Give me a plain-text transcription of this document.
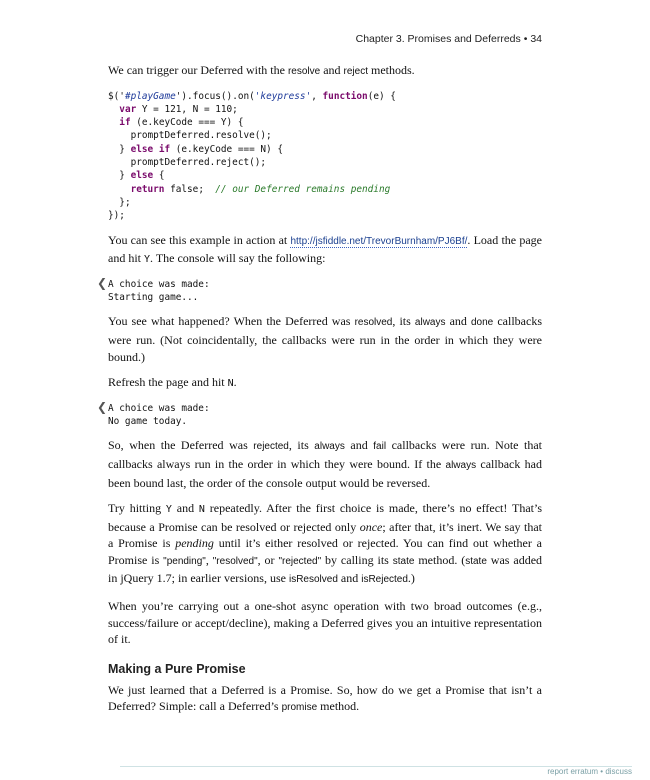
Chapter 3. Promises and Deferreds • 34

We can trigger our Deferred with the resolve and reject methods.

$('#playGame').focus().on('keypress', function(e) {
var Y = 121, N = 110;
if (e.keyCode === Y) {
promptDeferred.resolve();
} else if (e.keyCode === N) {
promptDeferred.reject();
} else {
return false;  // our Deferred remains pending
};
});

You can see this example in action at http://jsfiddle.net/TrevorBurnham/PJ6Bf/. Load the page and hit Y. The console will say the following:

❮ A choice was made:
Starting game...

You see what happened? When the Deferred was resolved, its always and done callbacks were run. (Not coincidentally, the callbacks were run in the order in which they were bound.)

Refresh the page and hit N.

❮ A choice was made:
No game today.

So, when the Deferred was rejected, its always and fail callbacks were run. Note that callbacks always run in the order in which they were bound. If the always callback had been bound last, the order of the console output would be reversed.

Try hitting Y and N repeatedly. After the first choice is made, there’s no effect! That’s because a Promise can be resolved or rejected only once; after that, it’s inert. We say that a Promise is pending until it’s either resolved or rejected. You can find out whether a Promise is "pending", "resolved", or "rejected" by calling its state method. (state was added in jQuery 1.7; in earlier versions, use isResolved and isRejected.)

When you’re carrying out a one-shot async operation with two broad outcomes (e.g., success/failure or accept/decline), making a Deferred gives you an intuitive representation of it.

Making a Pure Promise

We just learned that a Deferred is a Promise. So, how do we get a Promise that isn’t a Deferred? Simple: call a Deferred’s promise method.

report erratum • discuss
